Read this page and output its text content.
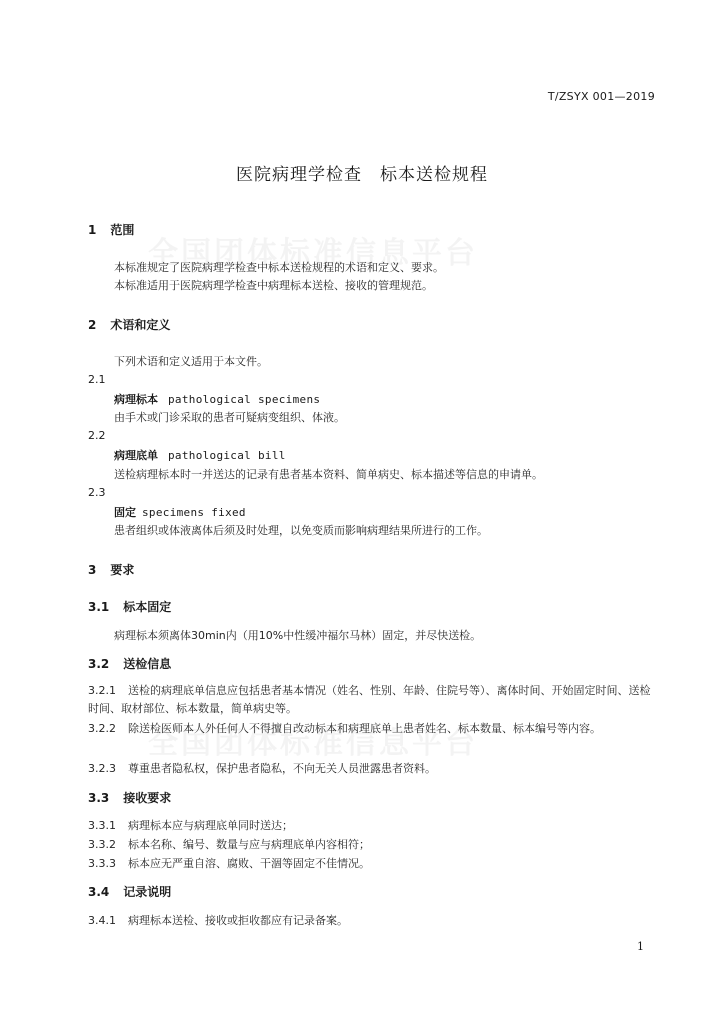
T/ZSYX 001—2019
医院病理学检查　标本送检规程
1 范围
本标准规定了医院病理学检查中标本送检规程的术语和定义、要求。
本标准适用于医院病理学检查中病理标本送检、接收的管理规范。
2 术语和定义
下列术语和定义适用于本文件。
2.1
病理标本 pathological specimens
由手术或门诊采取的患者可疑病变组织、体液。
2.2
病理底单 pathological bill
送检病理标本时一并送达的记录有患者基本资料、简单病史、标本描述等信息的申请单。
2.3
固定 specimens fixed
患者组织或体液离体后须及时处理，以免变质而影响病理结果所进行的工作。
3 要求
3.1 标本固定
病理标本须离体30min内（用10%中性缓冲福尔马林）固定，并尽快送检。
3.2 送检信息
3.2.1 送检的病理底单信息应包括患者基本情况（姓名、性别、年龄、住院号等）、离体时间、开始固定时间、送检时间、取材部位、标本数量，简单病史等。
3.2.2 除送检医师本人外任何人不得擅自改动标本和病理底单上患者姓名、标本数量、标本编号等内容。
3.2.3 尊重患者隐私权，保护患者隐私，不向无关人员泄露患者资料。
3.3 接收要求
3.3.1 病理标本应与病理底单同时送达；
3.3.2 标本名称、编号、数量与应与病理底单内容相符；
3.3.3 标本应无严重自溶、腐败、干涸等固定不佳情况。
3.4 记录说明
3.4.1 病理标本送检、接收或拒收都应有记录备案。
1
